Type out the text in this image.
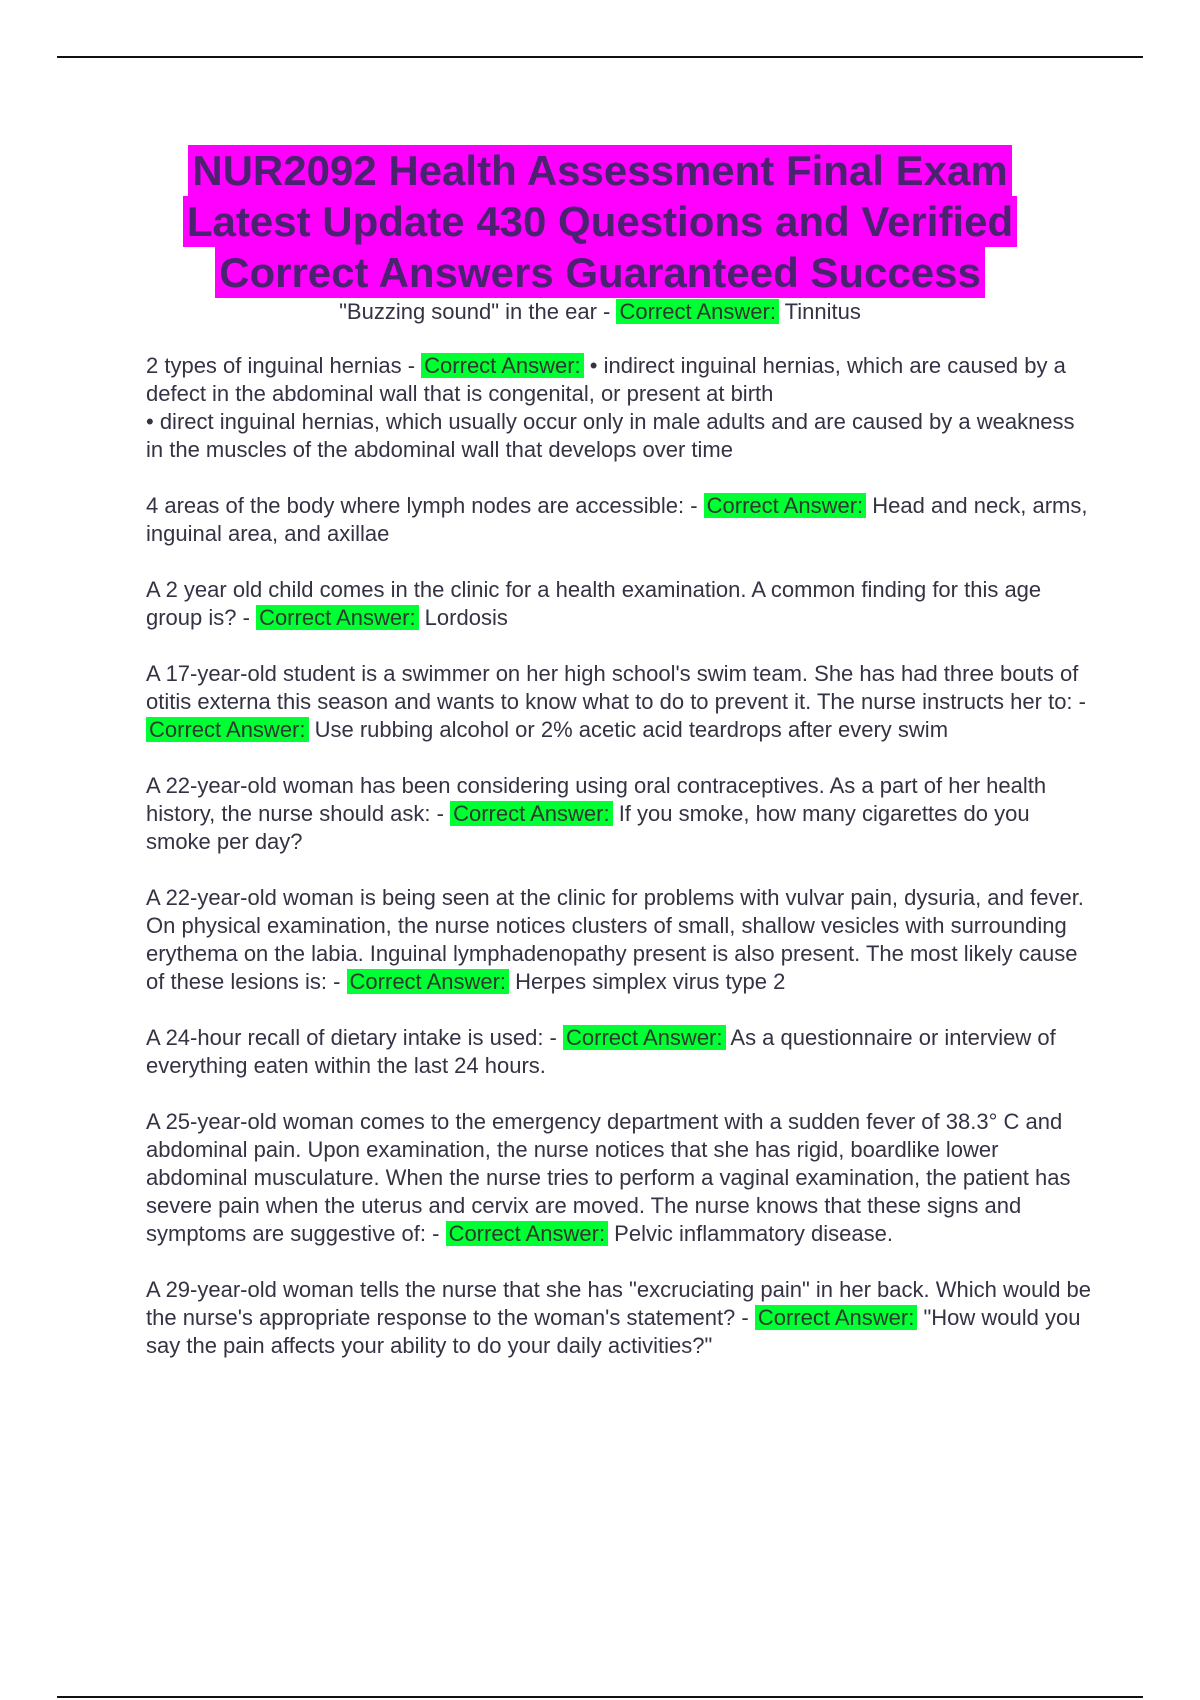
NUR2092 Health Assessment Final Exam
Latest Update 430 Questions and Verified
Correct Answers Guaranteed Success
"Buzzing sound" in the ear - Correct Answer: Tinnitus
2 types of inguinal hernias - Correct Answer: • indirect inguinal hernias, which are caused by a defect in the abdominal wall that is congenital, or present at birth
• direct inguinal hernias, which usually occur only in male adults and are caused by a weakness in the muscles of the abdominal wall that develops over time
4 areas of the body where lymph nodes are accessible: - Correct Answer: Head and neck, arms, inguinal area, and axillae
A 2 year old child comes in the clinic for a health examination. A common finding for this age group is? - Correct Answer: Lordosis
A 17-year-old student is a swimmer on her high school's swim team. She has had three bouts of otitis externa this season and wants to know what to do to prevent it. The nurse instructs her to: - Correct Answer: Use rubbing alcohol or 2% acetic acid teardrops after every swim
A 22-year-old woman has been considering using oral contraceptives. As a part of her health history, the nurse should ask: - Correct Answer: If you smoke, how many cigarettes do you smoke per day?
A 22-year-old woman is being seen at the clinic for problems with vulvar pain, dysuria, and fever. On physical examination, the nurse notices clusters of small, shallow vesicles with surrounding erythema on the labia. Inguinal lymphadenopathy present is also present. The most likely cause of these lesions is: - Correct Answer: Herpes simplex virus type 2
A 24-hour recall of dietary intake is used: - Correct Answer: As a questionnaire or interview of everything eaten within the last 24 hours.
A 25-year-old woman comes to the emergency department with a sudden fever of 38.3° C and abdominal pain. Upon examination, the nurse notices that she has rigid, boardlike lower abdominal musculature. When the nurse tries to perform a vaginal examination, the patient has severe pain when the uterus and cervix are moved. The nurse knows that these signs and symptoms are suggestive of: - Correct Answer: Pelvic inflammatory disease.
A 29-year-old woman tells the nurse that she has "excruciating pain" in her back. Which would be the nurse's appropriate response to the woman's statement? - Correct Answer: "How would you say the pain affects your ability to do your daily activities?"
